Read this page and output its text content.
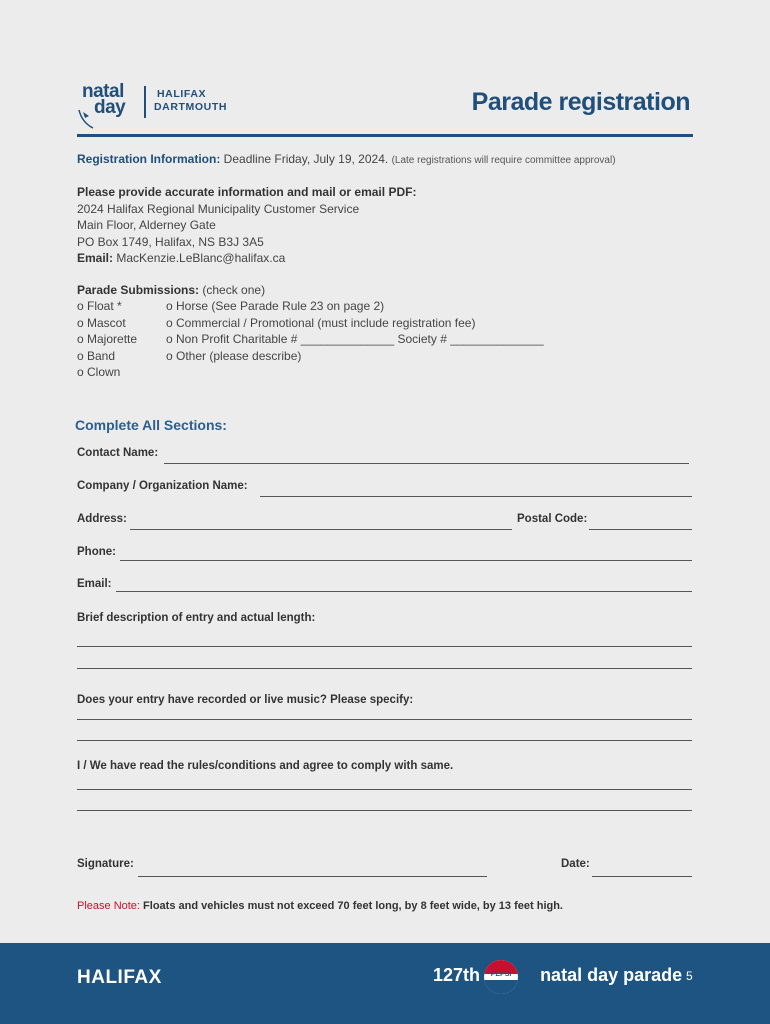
natal
day
HALIFAX
DARTMOUTH	Parade registration
Registration Information: Deadline Friday, July 19, 2024. (Late registrations will require committee approval)
Please provide accurate information and mail or email PDF:
2024 Halifax Regional Municipality Customer Service
Main Floor, Alderney Gate
PO Box 1749, Halifax, NS B3J 3A5
Email: MacKenzie.LeBlanc@halifax.ca
Parade Submissions: (check one)
o Float *
o Mascot
o Majorette
o Band
o Clown
o Horse (See Parade Rule 23 on page 2)
o Commercial / Promotional (must include registration fee)
o Non Profit Charitable # ______________ Society # ______________
o Other (please describe)
Complete All Sections:
Contact Name:
Company / Organization Name:
Address:	Postal Code:
Phone:
Email:
Brief description of entry and actual length:
Does your entry have recorded or live music? Please specify:
I / We have read the rules/conditions and agree to comply with same.
Signature:	Date:
Please Note: Floats and vehicles must not exceed 70 feet long, by 8 feet wide, by 13 feet high.
HALIFAX	127th	natal day parade
PEPSI	5
